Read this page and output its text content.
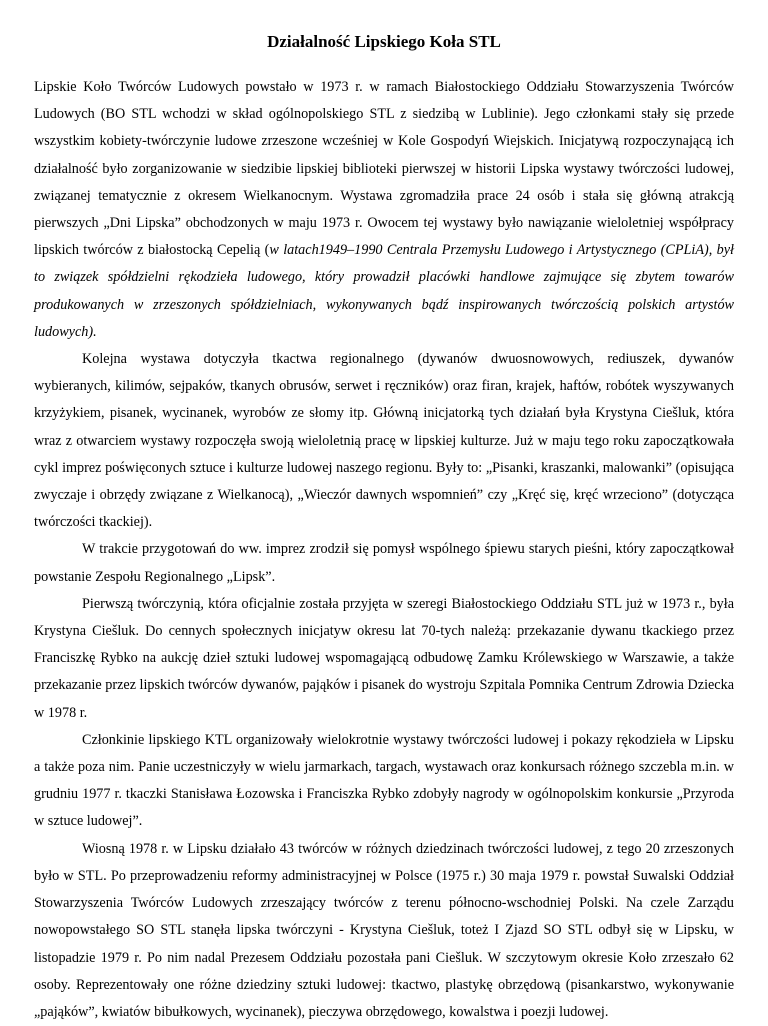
Działalność Lipskiego Koła STL

Lipskie Koło Twórców Ludowych powstało w 1973 r. w ramach Białostockiego Oddziału Stowarzyszenia Twórców Ludowych (BO STL wchodzi w skład ogólnopolskiego STL z siedzibą w Lublinie). Jego członkami stały się przede wszystkim kobiety-twórczynie ludowe zrzeszone wcześniej w Kole Gospodyń Wiejskich. Inicjatywą rozpoczynającą ich działalność było zorganizowanie w siedzibie lipskiej biblioteki pierwszej w historii Lipska wystawy twórczości ludowej, związanej tematycznie z okresem Wielkanocnym. Wystawa zgromadziła prace 24 osób i stała się główną atrakcją pierwszych „Dni Lipska” obchodzonych w maju 1973 r. Owocem tej wystawy było nawiązanie wieloletniej współpracy lipskich twórców z białostocką Cepelią (w latach1949–1990 Centrala Przemysłu Ludowego i Artystycznego (CPLiA), był to związek spółdzielni rękodzieła ludowego, który prowadził placówki handlowe zajmujące się zbytem towarów produkowanych w zrzeszonych spółdzielniach, wykonywanych bądź inspirowanych twórczością polskich artystów ludowych).

Kolejna wystawa dotyczyła tkactwa regionalnego (dywanów dwuosnowowych, rediuszek, dywanów wybieranych, kilimów, sejpaków, tkanych obrusów, serwet i ręczników) oraz firan, krajek, haftów, robótek wyszywanych krzyżykiem, pisanek, wycinanek, wyrobów ze słomy itp. Główną inicjatorką tych działań była Krystyna Ciešluk, która wraz z otwarciem wystawy rozpoczęła swoją wieloletnią pracę w lipskiej kulturze. Już w maju tego roku zapoczątkowała cykl imprez poświęconych sztuce i kulturze ludowej naszego regionu. Były to: „Pisanki, kraszanki, malowanki” (opisująca zwyczaje i obrzędy związane z Wielkanocą), „Wieczór dawnych wspomnień” czy „Kręć się, kręć wrzeciono” (dotycząca twórczości tkackiej).

W trakcie przygotowań do ww. imprez zrodził się pomysł wspólnego śpiewu starych pieśni, który zapoczątkował powstanie Zespołu Regionalnego „Lipsk”.

Pierwszą twórczynią, która oficjalnie została przyjęta w szeregi Białostockiego Oddziału STL już w 1973 r., była Krystyna Ciešluk. Do cennych społecznych inicjatyw okresu lat 70-tych należą: przekazanie dywanu tkackiego przez Franciszkę Rybko na aukcję dzieł sztuki ludowej wspomagającą odbudowę Zamku Królewskiego w Warszawie, a także przekazanie przez lipskich twórców dywanów, pająków i pisanek do wystroju Szpitala Pomnika Centrum Zdrowia Dziecka w 1978 r.

Członkinie lipskiego KTL organizowały wielokrotnie wystawy twórczości ludowej i pokazy rękodzieła w Lipsku a także poza nim. Panie uczestniczyły w wielu jarmarkach, targach, wystawach oraz konkursach różnego szczebla m.in. w grudniu 1977 r. tkaczki Stanisława Łozowska i Franciszka Rybko zdobyły nagrody w ogólnopolskim konkursie „Przyroda w sztuce ludowej”.

Wiosną 1978 r. w Lipsku działało 43 twórców w różnych dziedzinach twórczości ludowej, z tego 20 zrzeszonych było w STL. Po przeprowadzeniu reformy administracyjnej w Polsce (1975 r.) 30 maja 1979 r. powstał Suwalski Oddział Stowarzyszenia Twórców Ludowych zrzeszający twórców z terenu północno-wschodniej Polski. Na czele Zarządu nowopowstałego SO STL stanęła lipska twórczyni - Krystyna Ciešluk, toteż I Zjazd SO STL odbył się w Lipsku, w listopadzie 1979 r. Po nim nadal Prezesem Oddziału pozostała pani Ciešluk. W szczytowym okresie Koło zrzeszało 62 osoby. Reprezentowały one różne dziedziny sztuki ludowej: tkactwo, plastykę obrzędową (pisankarstwo, wykonywanie „pająków”, kwiatów bibułkowych, wycinanek), pieczywa obrzędowego, kowalstwa i poezji ludowej.
